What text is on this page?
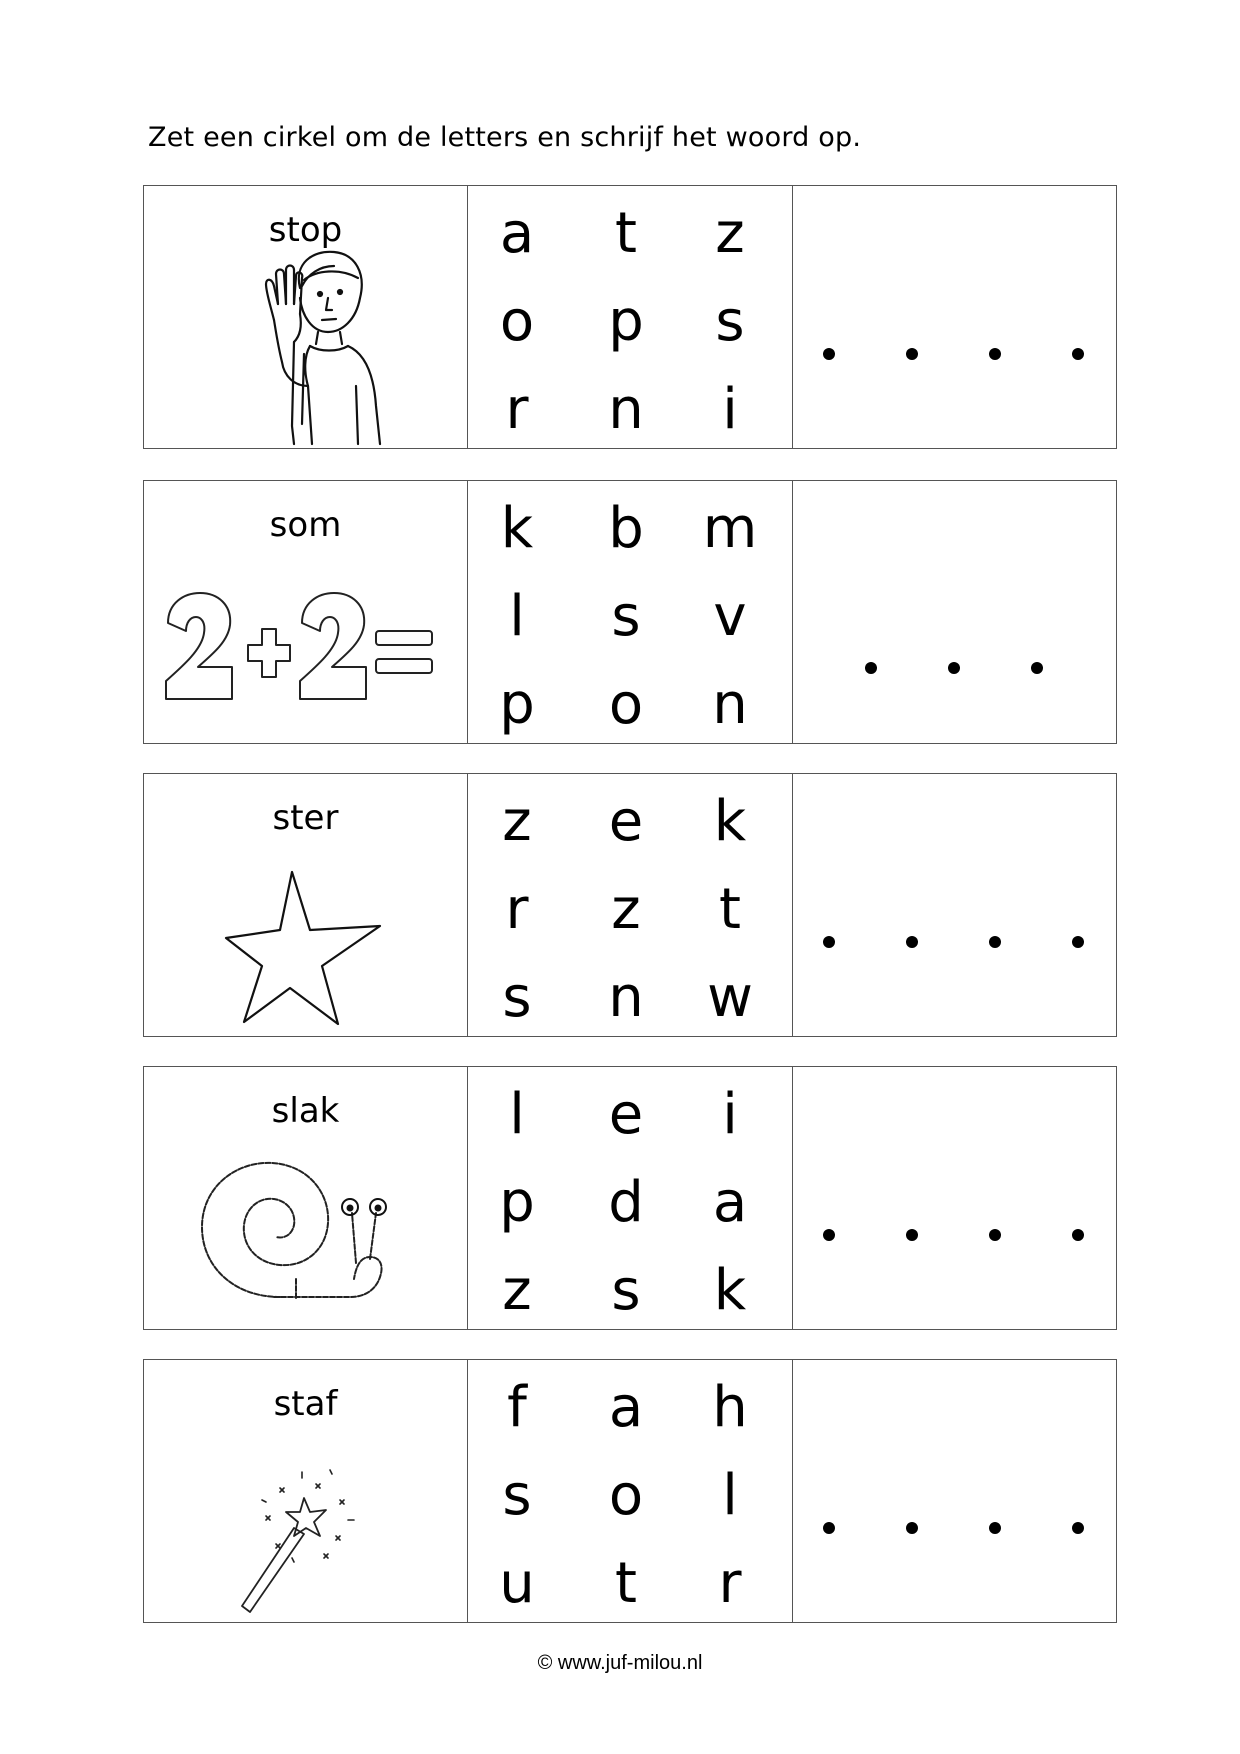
Zet een cirkel om de letters en schrijf het woord op.
stop	a	t	z
o	p	s
r	n	i
som	k	b	m
l	s	v
p	o	n
ster	z	e	k
r	z	t
s	n	w
slak	l	e	i
p	d	a
z	s	k
staf	f	a	h
s	o	l
u	t	r
© www.juf-milou.nl
